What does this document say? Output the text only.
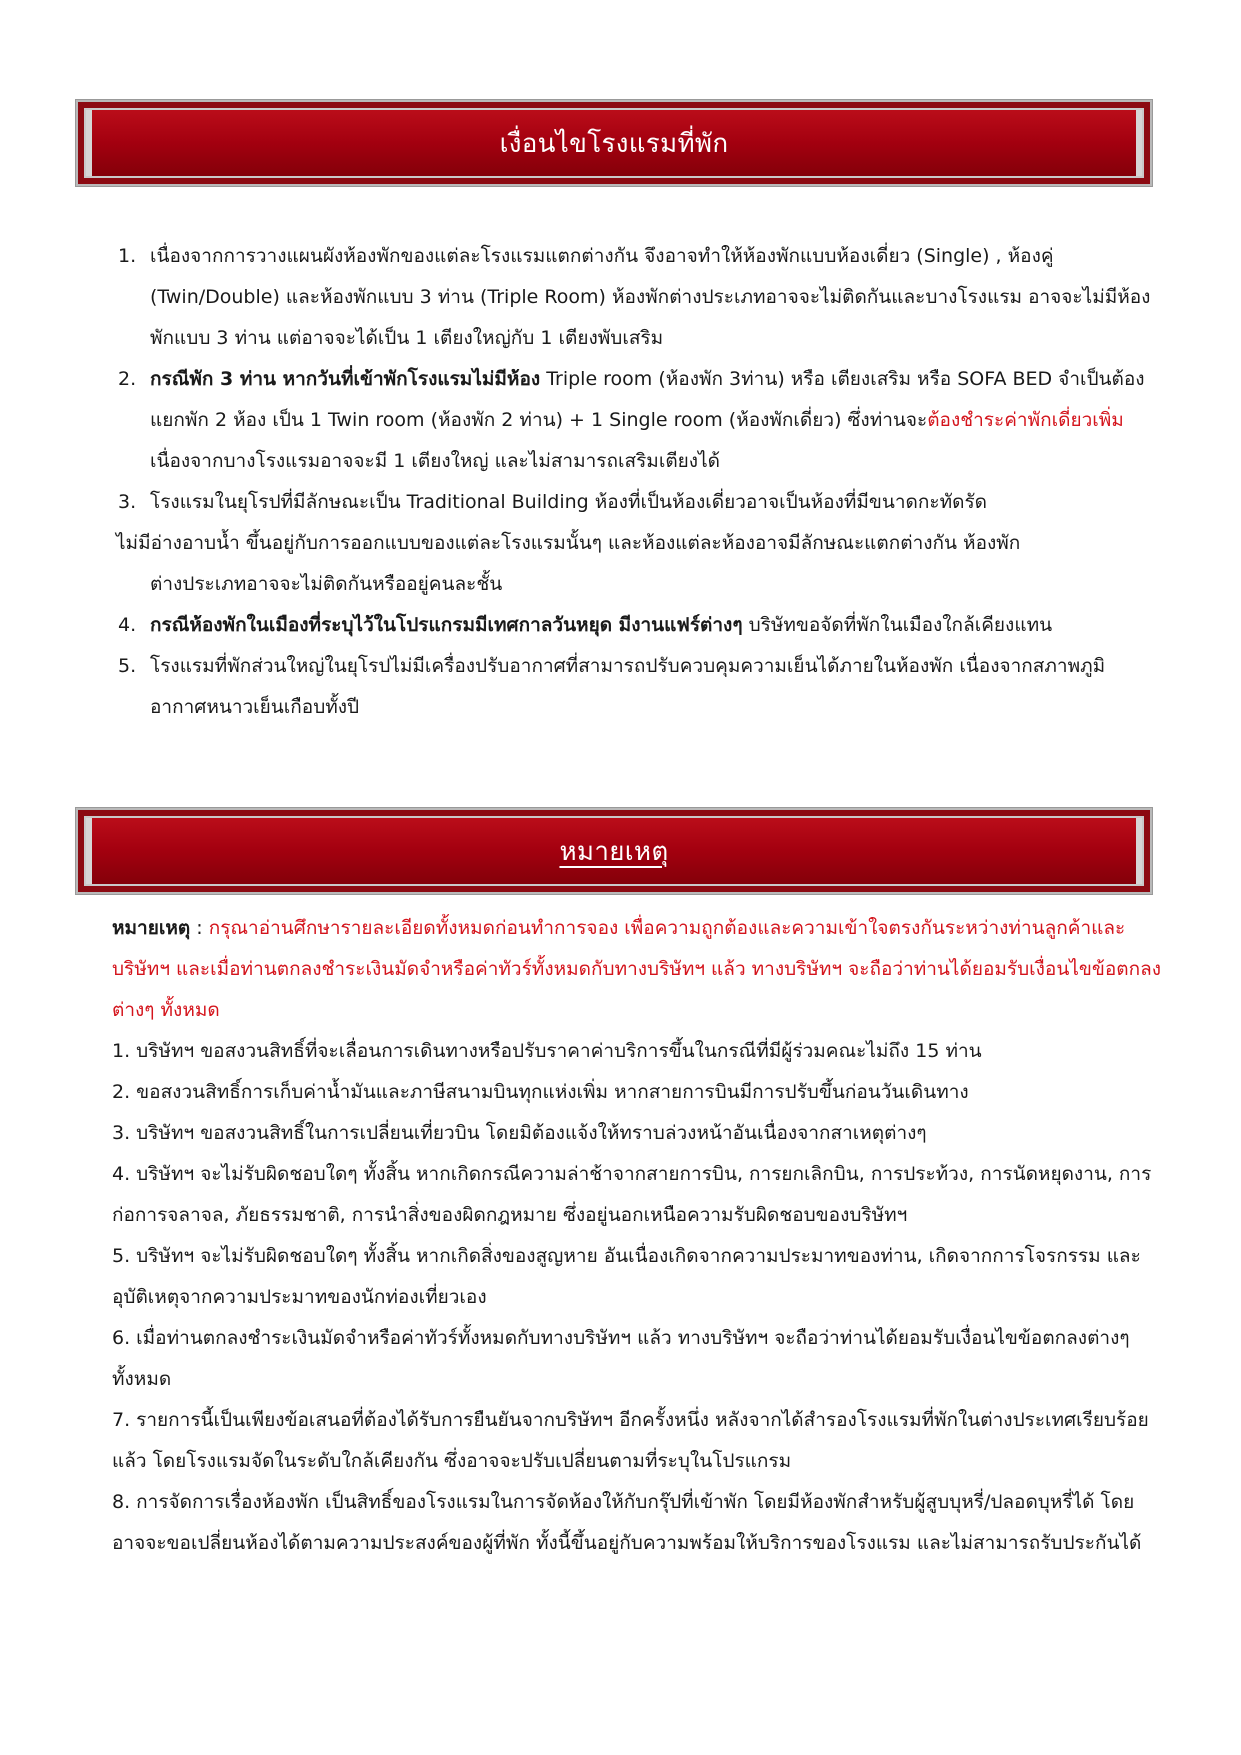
เงื่อนไขโรงแรมที่พัก
1. เนื่องจากการวางแผนผังห้องพักของแต่ละโรงแรมแตกต่างกัน จึงอาจทำให้ห้องพักแบบห้องเดี่ยว (Single) , ห้องคู่ (Twin/Double) และห้องพักแบบ 3 ท่าน (Triple Room) ห้องพักต่างประเภทอาจจะไม่ติดกันและบางโรงแรม อาจจะไม่มีห้องพักแบบ 3 ท่าน แต่อาจจะได้เป็น 1 เตียงใหญ่กับ 1 เตียงพับเสริม
2. กรณีพัก 3 ท่าน หากวันที่เข้าพักโรงแรมไม่มีห้อง Triple room (ห้องพัก 3ท่าน) หรือ เตียงเสริม หรือ SOFA BED จำเป็นต้องแยกพัก 2 ห้อง เป็น 1 Twin room (ห้องพัก 2 ท่าน) + 1 Single room (ห้องพักเดี่ยว) ซึ่งท่านจะต้องชำระค่าพักเดี่ยวเพิ่ม เนื่องจากบางโรงแรมอาจจะมี 1 เตียงใหญ่ และไม่สามารถเสริมเตียงได้
3. โรงแรมในยุโรปที่มีลักษณะเป็น Traditional Building ห้องที่เป็นห้องเดี่ยวอาจเป็นห้องที่มีขนาดกะทัดรัด
ไม่มีอ่างอาบน้ำ ขึ้นอยู่กับการออกแบบของแต่ละโรงแรมนั้นๆ และห้องแต่ละห้องอาจมีลักษณะแตกต่างกัน ห้องพัก
ต่างประเภทอาจจะไม่ติดกันหรืออยู่คนละชั้น
4. กรณีห้องพักในเมืองที่ระบุไว้ในโปรแกรมมีเทศกาลวันหยุด มีงานแฟร์ต่างๆ บริษัทขอจัดที่พักในเมืองใกล้เคียงแทน
5. โรงแรมที่พักส่วนใหญ่ในยุโรปไม่มีเครื่องปรับอากาศที่สามารถปรับควบคุมความเย็นได้ภายในห้องพัก เนื่องจากสภาพภูมิอากาศหนาวเย็นเกือบทั้งปี
หมายเหตุ

หมายเหตุ : กรุณาอ่านศึกษารายละเอียดทั้งหมดก่อนทำการจอง เพื่อความถูกต้องและความเข้าใจตรงกันระหว่างท่านลูกค้าและบริษัทฯ และเมื่อท่านตกลงชำระเงินมัดจำหรือค่าทัวร์ทั้งหมดกับทางบริษัทฯ แล้ว ทางบริษัทฯ จะถือว่าท่านได้ยอมรับเงื่อนไขข้อตกลงต่างๆ ทั้งหมด

1. บริษัทฯ ขอสงวนสิทธิ์ที่จะเลื่อนการเดินทางหรือปรับราคาค่าบริการขึ้นในกรณีที่มีผู้ร่วมคณะไม่ถึง 15 ท่าน

2. ขอสงวนสิทธิ์การเก็บค่าน้ำมันและภาษีสนามบินทุกแห่งเพิ่ม หากสายการบินมีการปรับขึ้นก่อนวันเดินทาง

3. บริษัทฯ ขอสงวนสิทธิ์ในการเปลี่ยนเที่ยวบิน โดยมิต้องแจ้งให้ทราบล่วงหน้าอันเนื่องจากสาเหตุต่างๆ

4. บริษัทฯ จะไม่รับผิดชอบใดๆ ทั้งสิ้น หากเกิดกรณีความล่าช้าจากสายการบิน, การยกเลิกบิน, การประท้วง, การนัดหยุดงาน, การก่อการจลาจล, ภัยธรรมชาติ, การนำสิ่งของผิดกฎหมาย ซึ่งอยู่นอกเหนือความรับผิดชอบของบริษัทฯ

5. บริษัทฯ จะไม่รับผิดชอบใดๆ ทั้งสิ้น หากเกิดสิ่งของสูญหาย อันเนื่องเกิดจากความประมาทของท่าน, เกิดจากการโจรกรรม และ อุบัติเหตุจากความประมาทของนักท่องเที่ยวเอง

6. เมื่อท่านตกลงชำระเงินมัดจำหรือค่าทัวร์ทั้งหมดกับทางบริษัทฯ แล้ว ทางบริษัทฯ จะถือว่าท่านได้ยอมรับเงื่อนไขข้อตกลงต่างๆ ทั้งหมด

7. รายการนี้เป็นเพียงข้อเสนอที่ต้องได้รับการยืนยันจากบริษัทฯ อีกครั้งหนึ่ง หลังจากได้สำรองโรงแรมที่พักในต่างประเทศเรียบร้อยแล้ว โดยโรงแรมจัดในระดับใกล้เคียงกัน ซึ่งอาจจะปรับเปลี่ยนตามที่ระบุในโปรแกรม

8. การจัดการเรื่องห้องพัก เป็นสิทธิ์ของโรงแรมในการจัดห้องให้กับกรุ๊ปที่เข้าพัก โดยมีห้องพักสำหรับผู้สูบบุหรี่/ปลอดบุหรี่ได้ โดยอาจจะขอเปลี่ยนห้องได้ตามความประสงค์ของผู้ที่พัก ทั้งนี้ขึ้นอยู่กับความพร้อมให้บริการของโรงแรม และไม่สามารถรับประกันได้
